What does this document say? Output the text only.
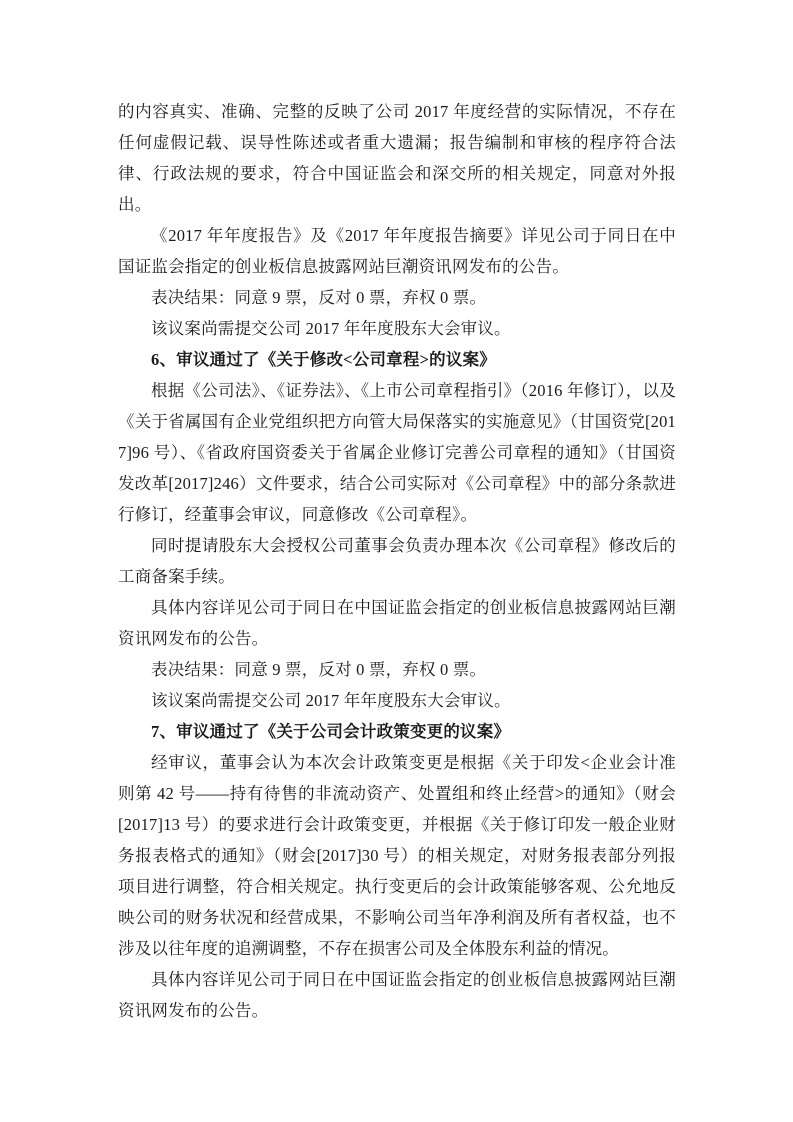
的内容真实、准确、完整的反映了公司 2017 年度经营的实际情况，不存在任何虚假记载、误导性陈述或者重大遗漏；报告编制和审核的程序符合法律、行政法规的要求，符合中国证监会和深交所的相关规定，同意对外报出。

《2017 年年度报告》及《2017 年年度报告摘要》详见公司于同日在中国证监会指定的创业板信息披露网站巨潮资讯网发布的公告。

表决结果：同意 9 票，反对 0 票，弃权 0 票。

该议案尚需提交公司 2017 年年度股东大会审议。

6、审议通过了《关于修改<公司章程>的议案》

根据《公司法》、《证券法》、《上市公司章程指引》（2016 年修订），以及《关于省属国有企业党组织把方向管大局保落实的实施意见》（甘国资党[2017]96 号）、《省政府国资委关于省属企业修订完善公司章程的通知》（甘国资发改革[2017]246）文件要求，结合公司实际对《公司章程》中的部分条款进行修订，经董事会审议，同意修改《公司章程》。

同时提请股东大会授权公司董事会负责办理本次《公司章程》修改后的工商备案手续。

具体内容详见公司于同日在中国证监会指定的创业板信息披露网站巨潮资讯网发布的公告。

表决结果：同意 9 票，反对 0 票，弃权 0 票。

该议案尚需提交公司 2017 年年度股东大会审议。

7、审议通过了《关于公司会计政策变更的议案》

经审议，董事会认为本次会计政策变更是根据《关于印发<企业会计准则第 42 号——持有待售的非流动资产、处置组和终止经营>的通知》（财会[2017]13 号）的要求进行会计政策变更，并根据《关于修订印发一般企业财务报表格式的通知》（财会[2017]30 号）的相关规定，对财务报表部分列报项目进行调整，符合相关规定。执行变更后的会计政策能够客观、公允地反映公司的财务状况和经营成果，不影响公司当年净利润及所有者权益，也不涉及以往年度的追溯调整，不存在损害公司及全体股东利益的情况。

具体内容详见公司于同日在中国证监会指定的创业板信息披露网站巨潮资讯网发布的公告。
